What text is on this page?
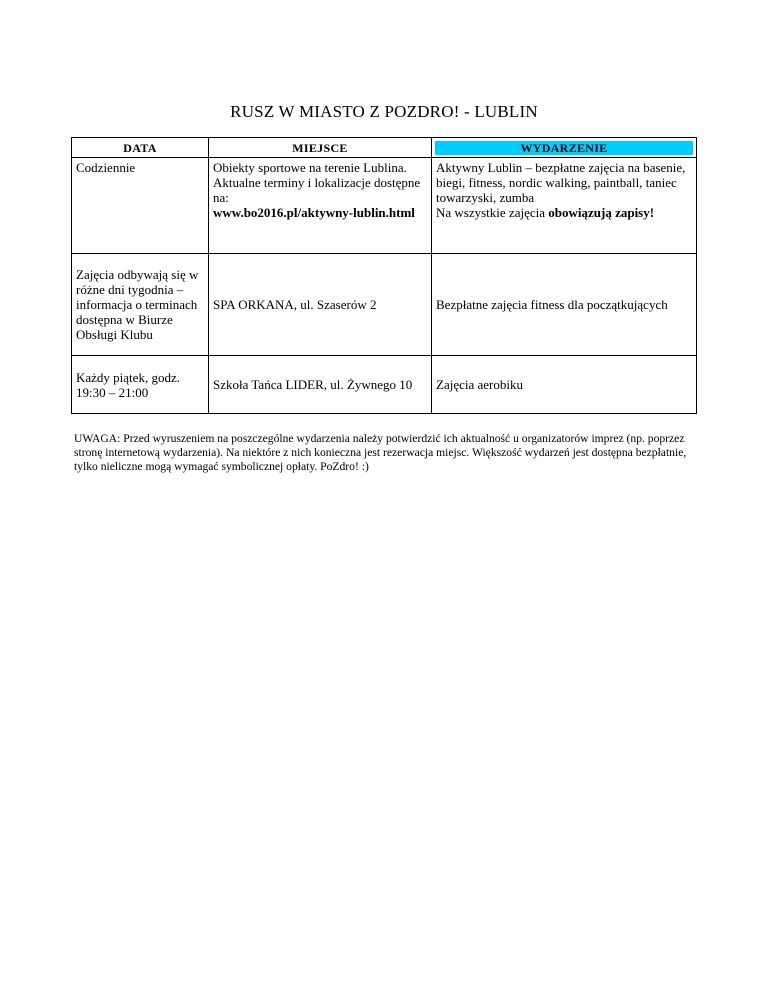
RUSZ W MIASTO Z POZDRO! - LUBLIN
DATA	MIEJSCE	WYDARZENIE

Codziennie	Obiekty sportowe na terenie Lublina.
Aktualne terminy i lokalizacje dostępne
na:
www.bo2016.pl/aktywny-lublin.html	Aktywny Lublin – bezpłatne zajęcia na basenie,
biegi, fitness, nordic walking, paintball, taniec
towarzyski, zumba
Na wszystkie zajęcia obowiązują zapisy!

Zajęcia odbywają się w
różne dni tygodnia –
informacja o terminach
dostępna w Biurze
Obsługi Klubu	SPA ORKANA, ul. Szaserów 2	Bezpłatne zajęcia fitness dla początkujących

Każdy piątek, godz.
19:30 – 21:00	Szkoła Tańca LIDER, ul. Żywnego 10	Zajęcia aerobiku
UWAGA: Przed wyruszeniem na poszczególne wydarzenia należy potwierdzić ich aktualność u organizatorów imprez (np. poprzez
stronę internetową wydarzenia). Na niektóre z nich konieczna jest rezerwacja miejsc. Większość wydarzeń jest dostępna bezpłatnie,
tylko nieliczne mogą wymagać symbolicznej opłaty. PoZdro! :)
